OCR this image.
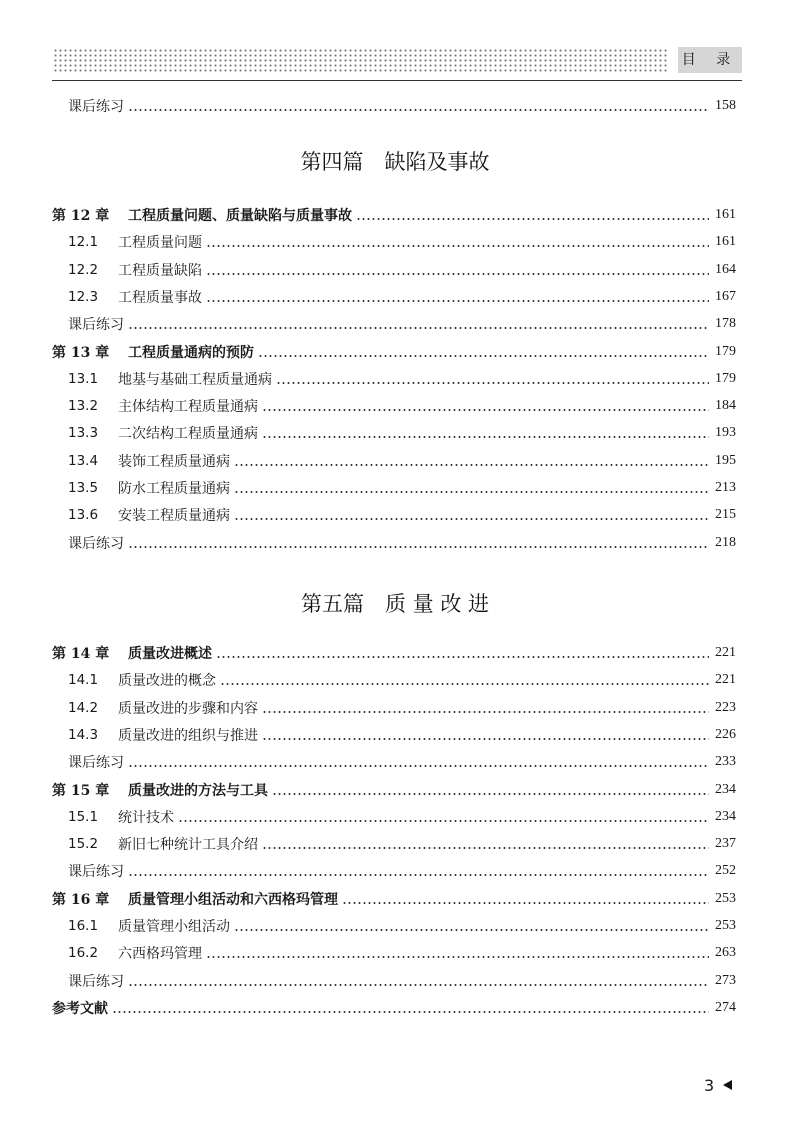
目 录
课后练习	158
第四篇　缺陷及事故
第 12 章	工程质量问题、质量缺陷与质量事故	161
12.1	工程质量问题	161
12.2	工程质量缺陷	164
12.3	工程质量事故	167
课后练习	178
第 13 章	工程质量通病的预防	179
13.1	地基与基础工程质量通病	179
13.2	主体结构工程质量通病	184
13.3	二次结构工程质量通病	193
13.4	装饰工程质量通病	195
13.5	防水工程质量通病	213
13.6	安装工程质量通病	215
课后练习	218
第五篇　质 量 改 进
第 14 章	质量改进概述	221
14.1	质量改进的概念	221
14.2	质量改进的步骤和内容	223
14.3	质量改进的组织与推进	226
课后练习	233
第 15 章	质量改进的方法与工具	234
15.1	统计技术	234
15.2	新旧七种统计工具介绍	237
课后练习	252
第 16 章	质量管理小组活动和六西格玛管理	253
16.1	质量管理小组活动	253
16.2	六西格玛管理	263
课后练习	273
参考文献	274
3
